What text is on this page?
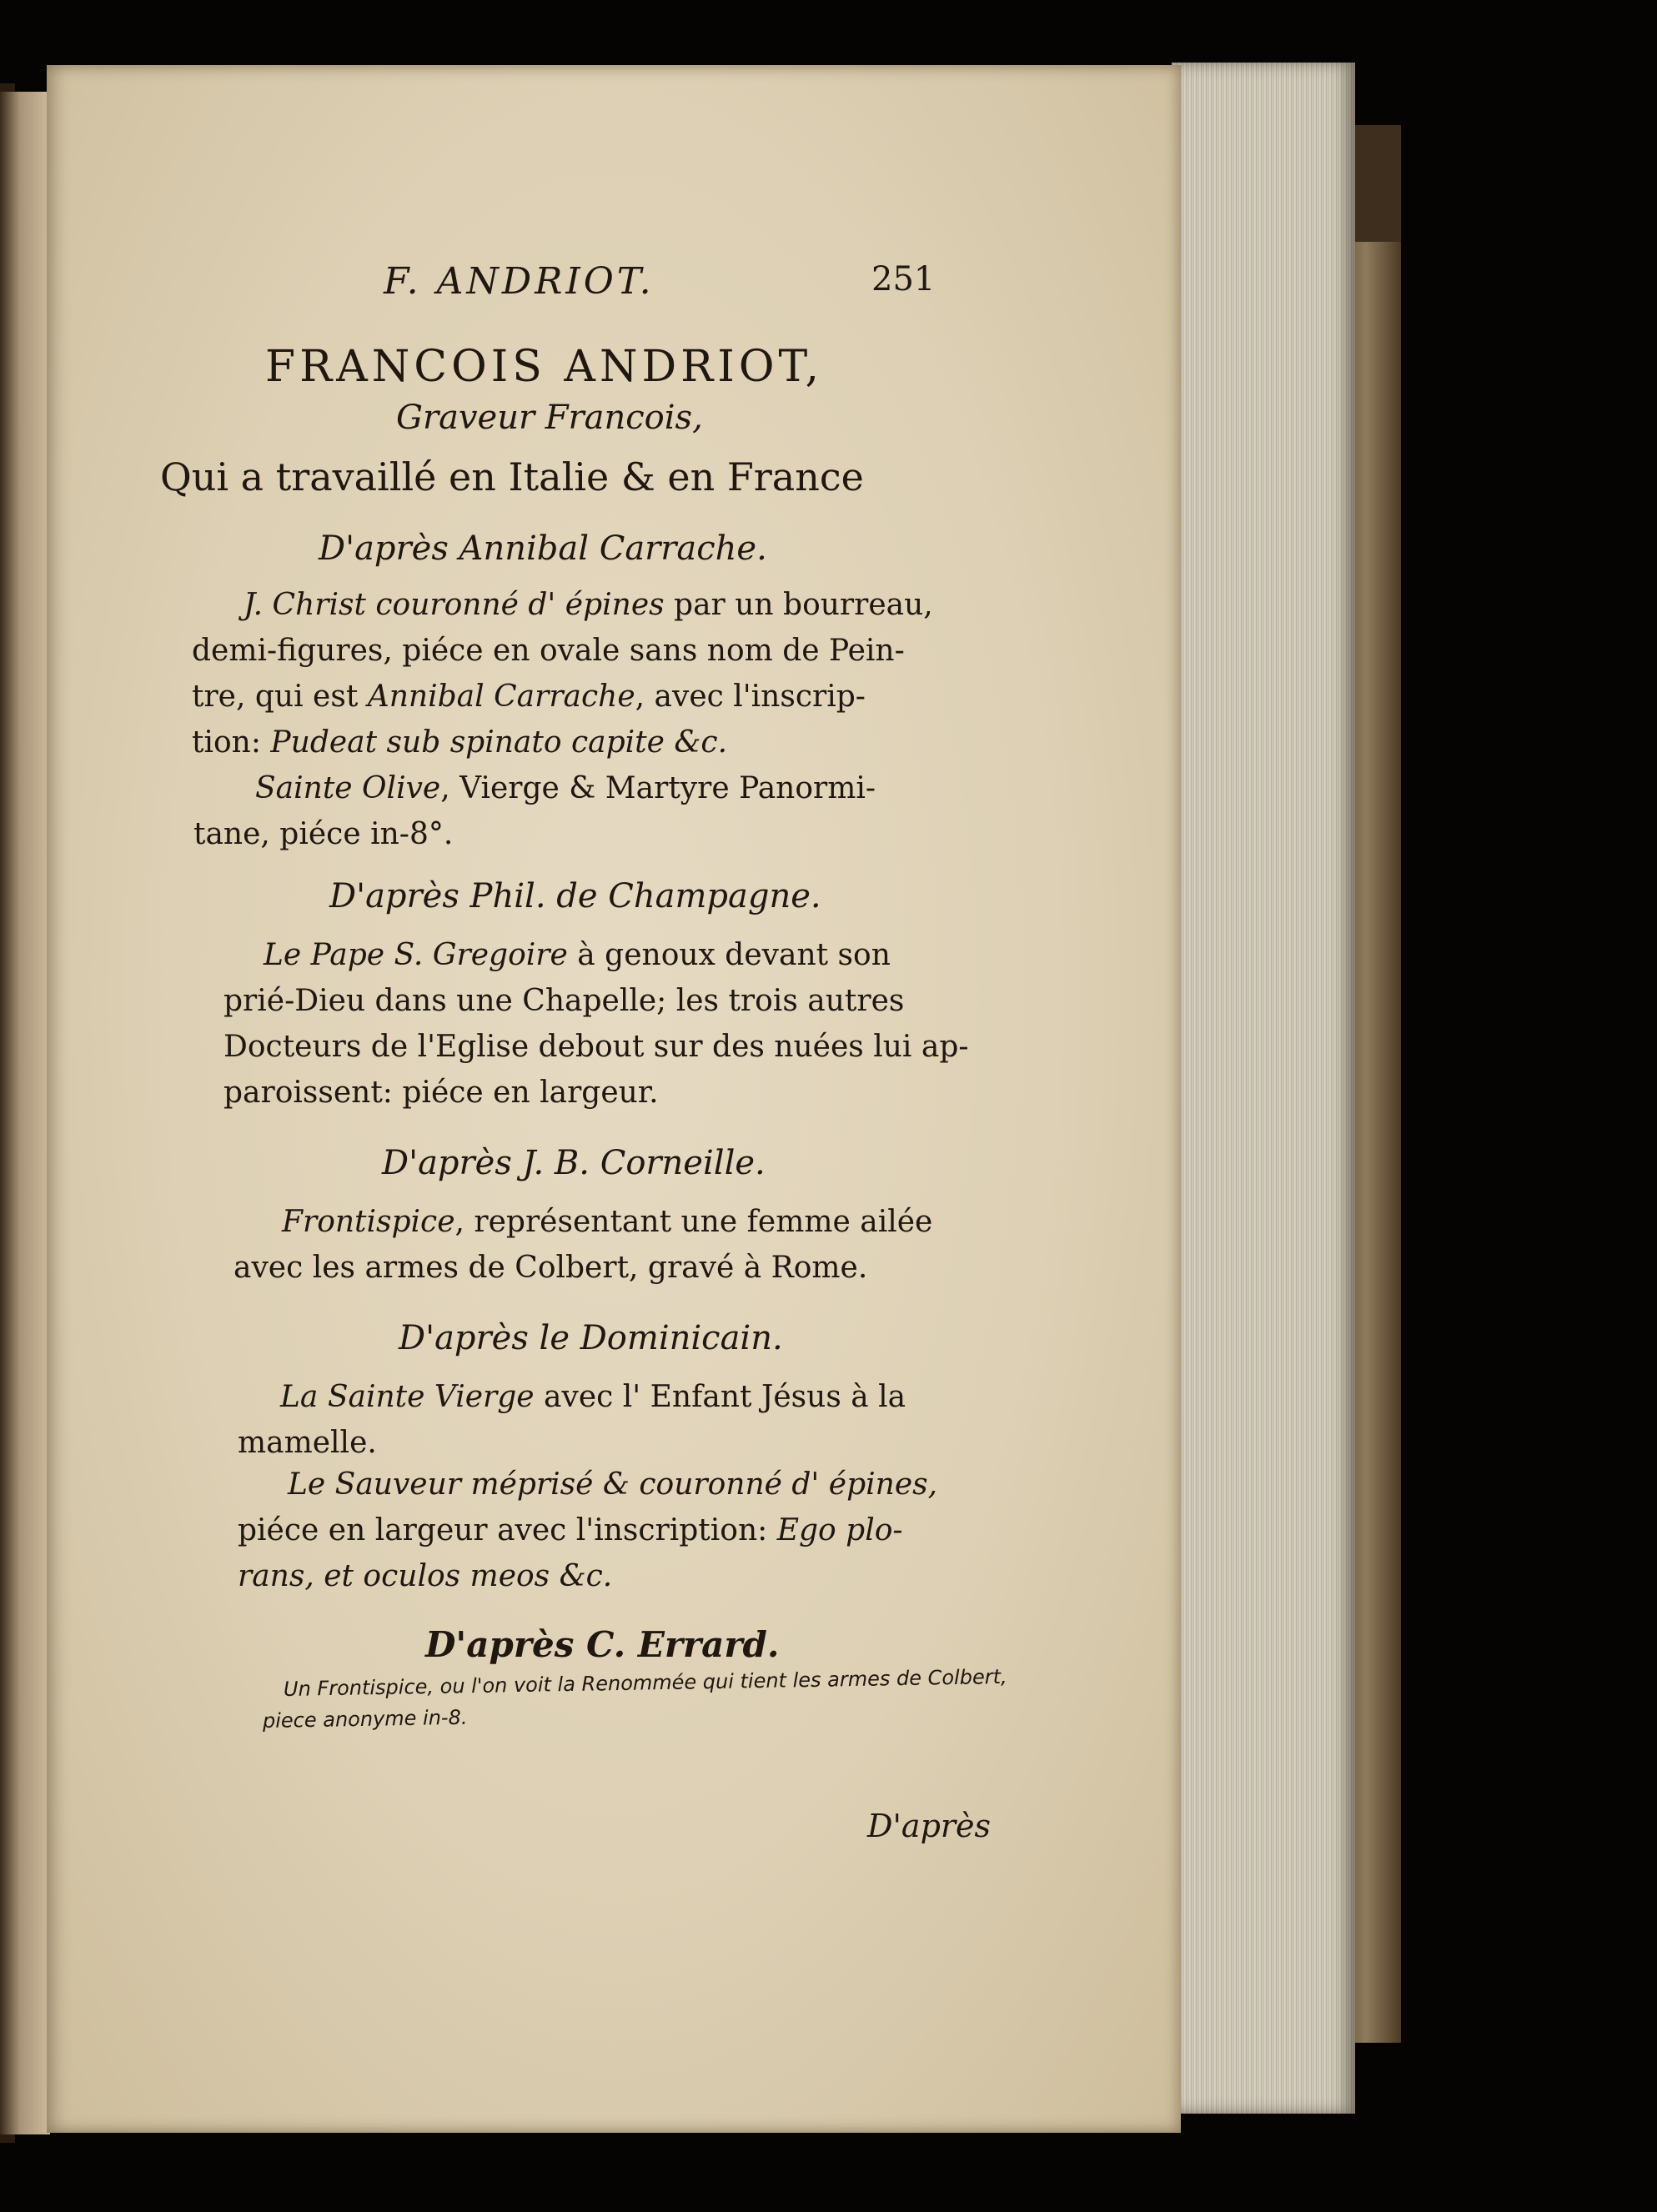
F. ANDRIOT.	251
FRANCOIS ANDRIOT,
Graveur Francois,
Qui a travaillé en Italie & en France
D'après Annibal Carrache.
J. Christ couronné d' épines par un bourreau,
demi-figures, piéce en ovale sans nom de Pein-
tre, qui est Annibal Carrache, avec l'inscrip-
tion: Pudeat sub spinato capite &c.
Sainte Olive, Vierge & Martyre Panormi-
tane, piéce in-8°.
D'après Phil. de Champagne.
Le Pape S. Gregoire à genoux devant son
prié-Dieu dans une Chapelle; les trois autres
Docteurs de l'Eglise debout sur des nuées lui ap-
paroissent: piéce en largeur.
D'après J. B. Corneille.
Frontispice, représentant une femme ailée
avec les armes de Colbert, gravé à Rome.
D'après le Dominicain.
La Sainte Vierge avec l' Enfant Jésus à la
mamelle.
Le Sauveur méprisé & couronné d' épines,
piéce en largeur avec l'inscription: Ego plo-
rans, et oculos meos &c.
D'après C. Errard.
Un Frontispice, ou l'on voit la Renommée qui tient les armes de Colbert,
piece anonyme in-8.
D'après
